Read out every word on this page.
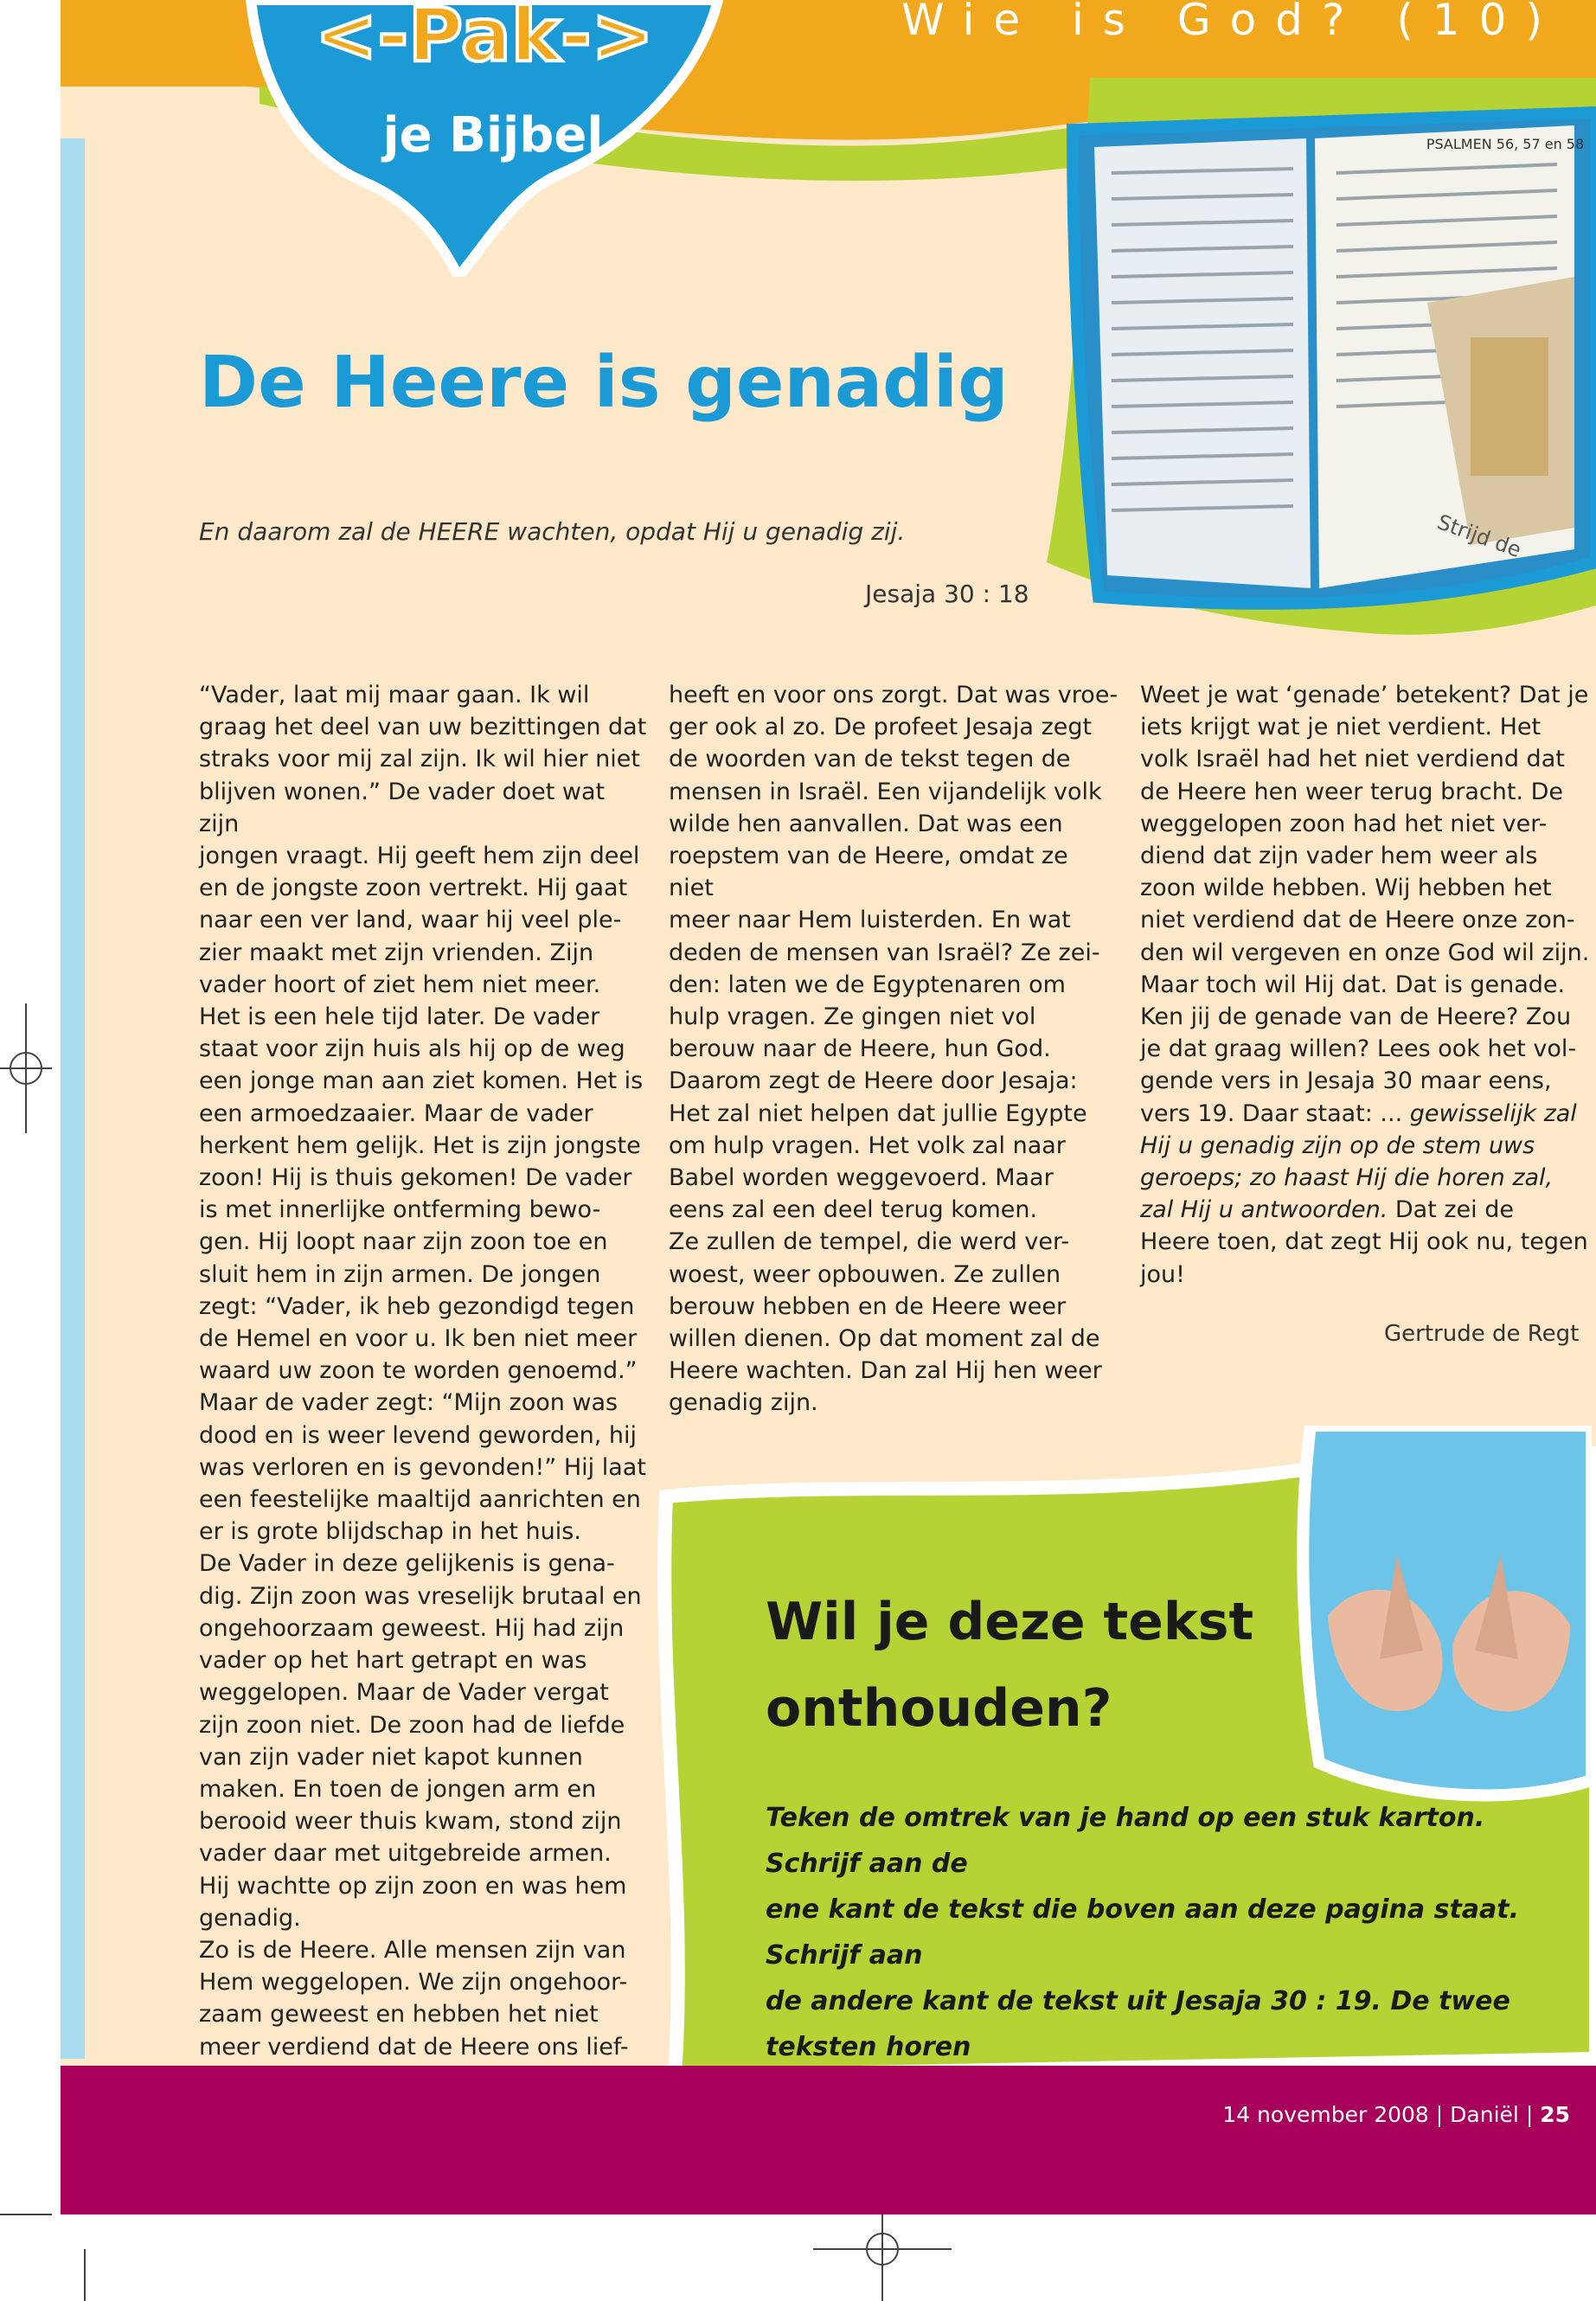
Wie is God? (10)
<-Pak->
je Bijbel	PSALMEN 56, 57 en 58
Strijd de
De Heere is genadig
En daarom zal de HEERE wachten, opdat Hij u genadig zij.
Jesaja 30 : 18
“Vader, laat mij maar gaan. Ik wil
graag het deel van uw bezittingen dat
straks voor mij zal zijn. Ik wil hier niet
blijven wonen.” De vader doet wat zijn
jongen vraagt. Hij geeft hem zijn deel
en de jongste zoon vertrekt. Hij gaat
naar een ver land, waar hij veel ple-
zier maakt met zijn vrienden. Zijn
vader hoort of ziet hem niet meer.
Het is een hele tijd later. De vader
staat voor zijn huis als hij op de weg
een jonge man aan ziet komen. Het is
een armoedzaaier. Maar de vader
herkent hem gelijk. Het is zijn jongste
zoon! Hij is thuis gekomen! De vader
is met innerlijke ontferming bewo-
gen. Hij loopt naar zijn zoon toe en
sluit hem in zijn armen. De jongen
zegt: “Vader, ik heb gezondigd tegen
de Hemel en voor u. Ik ben niet meer
waard uw zoon te worden genoemd.”
Maar de vader zegt: “Mijn zoon was
dood en is weer levend geworden, hij
was verloren en is gevonden!” Hij laat
een feestelijke maaltijd aanrichten en
er is grote blijdschap in het huis.
De Vader in deze gelijkenis is gena-
dig. Zijn zoon was vreselijk brutaal en
ongehoorzaam geweest. Hij had zijn
vader op het hart getrapt en was
weggelopen. Maar de Vader vergat
zijn zoon niet. De zoon had de liefde
van zijn vader niet kapot kunnen
maken. En toen de jongen arm en
berooid weer thuis kwam, stond zijn
vader daar met uitgebreide armen.
Hij wachtte op zijn zoon en was hem
genadig.
Zo is de Heere. Alle mensen zijn van
Hem weggelopen. We zijn ongehoor-
zaam geweest en hebben het niet
meer verdiend dat de Heere ons lief-
heeft en voor ons zorgt. Dat was vroe-
ger ook al zo. De profeet Jesaja zegt
de woorden van de tekst tegen de
mensen in Israël. Een vijandelijk volk
wilde hen aanvallen. Dat was een
roepstem van de Heere, omdat ze niet
meer naar Hem luisterden. En wat
deden de mensen van Israël? Ze zei-
den: laten we de Egyptenaren om
hulp vragen. Ze gingen niet vol
berouw naar de Heere, hun God.
Daarom zegt de Heere door Jesaja:
Het zal niet helpen dat jullie Egypte
om hulp vragen. Het volk zal naar
Babel worden weggevoerd. Maar
eens zal een deel terug komen.
Ze zullen de tempel, die werd ver-
woest, weer opbouwen. Ze zullen
berouw hebben en de Heere weer
willen dienen. Op dat moment zal de
Heere wachten. Dan zal Hij hen weer
genadig zijn.
Weet je wat ‘genade’ betekent? Dat je
iets krijgt wat je niet verdient. Het
volk Israël had het niet verdiend dat
de Heere hen weer terug bracht. De
weggelopen zoon had het niet ver-
diend dat zijn vader hem weer als
zoon wilde hebben. Wij hebben het
niet verdiend dat de Heere onze zon-
den wil vergeven en onze God wil zijn.
Maar toch wil Hij dat. Dat is genade.
Ken jij de genade van de Heere? Zou
je dat graag willen? Lees ook het vol-
gende vers in Jesaja 30 maar eens,
vers 19. Daar staat: ... gewisselijk zal
Hij u genadig zijn op de stem uws
geroeps; zo haast Hij die horen zal,
zal Hij u antwoorden. Dat zei de
Heere toen, dat zegt Hij ook nu, tegen
jou!
Gertrude de Regt
Wil je deze tekst
onthouden?
Teken de omtrek van je hand op een stuk karton. Schrijf aan de
ene kant de tekst die boven aan deze pagina staat. Schrijf aan
de andere kant de tekst uit Jesaja 30 : 19. De twee teksten horen

14 november 2008 | Daniël | 25
